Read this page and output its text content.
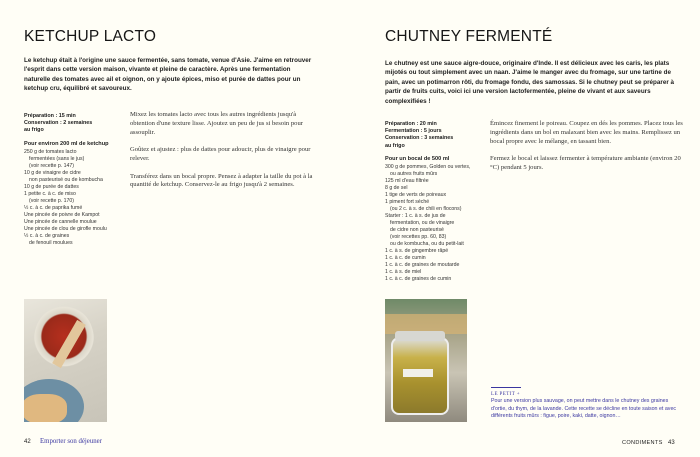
KETCHUP LACTO
Le ketchup était à l'origine une sauce fermentée, sans tomate, venue d'Asie. J'aime en retrouver l'esprit dans cette version maison, vivante et pleine de caractère. Après une fermentation naturelle des tomates avec ail et oignon, on y ajoute épices, miso et purée de dattes pour un ketchup cru, équilibré et savoureux.
Préparation : 15 min
Conservation : 2 semaines
au frigo
Pour environ 200 ml de ketchup
250 g de tomates lacto
fermentées (sans le jus)
(voir recette p. 147)
10 g de vinaigre de cidre
non pasteurisé ou de kombucha
10 g de purée de dattes
1 petite c. à c. de miso
(voir recette p. 170)
½ c. à c. de paprika fumé
Une pincée de poivre de Kampot
Une pincée de cannelle moulue
Une pincée de clou de girofle moulu
½ c. à c. de graines
de fenouil moulues

Mixez les tomates lacto avec tous les autres ingrédients jusqu'à obtention d'une texture lisse. Ajoutez un peu de jus si besoin pour assouplir.

Goûtez et ajustez : plus de dattes pour adoucir, plus de vinaigre pour relever.

Transférez dans un bocal propre. Pensez à adapter la taille du pot à la quantité de ketchup. Conservez-le au frigo jusqu'à 2 semaines.

42 Emporter son déjeuner
CHUTNEY FERMENTÉ
Le chutney est une sauce aigre-douce, originaire d'Inde. Il est délicieux avec les caris, les plats mijotés ou tout simplement avec un naan. J'aime le manger avec du fromage, sur une tartine de pain, avec un potimarron rôti, du fromage fondu, des samossas. Si le chutney peut se préparer à partir de fruits cuits, voici ici une version lactofermentée, pleine de vivant et aux saveurs complexifiées !
Préparation : 20 min
Fermentation : 5 jours
Conservation : 3 semaines
au frigo
Pour un bocal de 500 ml
300 g de pommes, Golden ou vertes,
ou autres fruits mûrs
125 ml d'eau filtrée
8 g de sel
1 tige de verts de poireaux
1 piment fort séché
(ou 2 c. à s. de chili en flocons)
Starter : 1 c. à s. de jus de
fermentation, ou de vinaigre
de cidre non pasteurisé
(voir recettes pp. 60, 83)
ou de kombucha, ou du petit-lait
1 c. à s. de gingembre râpé
1 c. à c. de cumin
1 c. à c. de graines de moutarde
1 c. à s. de miel
1 c. à c. de graines de cumin

Émincez finement le poireau. Coupez en dés les pommes. Placez tous les ingrédients dans un bol en malaxant bien avec les mains. Remplissez un bocal propre avec le mélange, en tassant bien.

Fermez le bocal et laissez fermenter à température ambiante (environ 20 °C) pendant 5 jours.

LE PETIT +
Pour une version plus sauvage, on peut mettre dans le chutney des graines d'ortie, du thym, de la lavande. Cette recette se décline en toute saison et avec différents fruits mûrs : figue, poire, kaki, datte, oignon…
CONDIMENTS 43
